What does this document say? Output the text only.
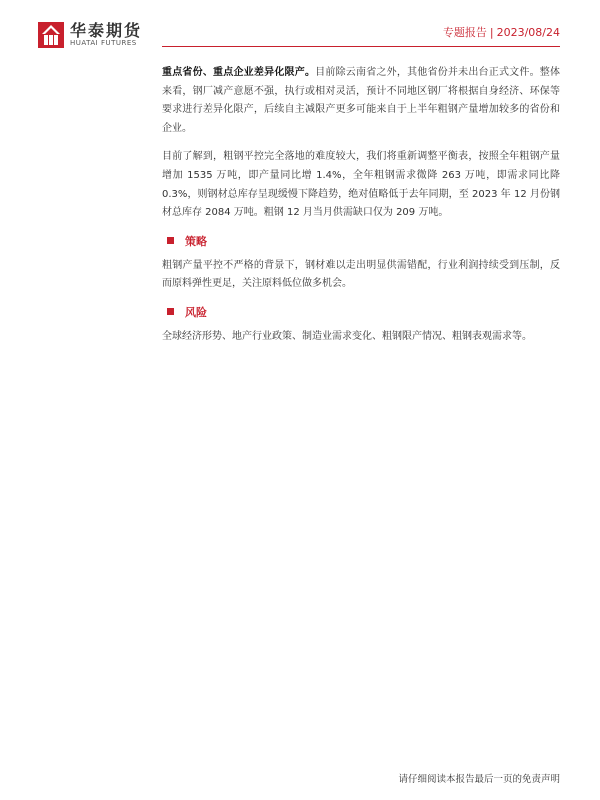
华泰期货
HUATAI FUTURES
专题报告 | 2023/08/24

重点省份、重点企业差异化限产。目前除云南省之外，其他省份并未出台正式文件。整体来看，钢厂减产意愿不强，执行或相对灵活，预计不同地区钢厂将根据自身经济、环保等要求进行差异化限产，后续自主减限产更多可能来自于上半年粗钢产量增加较多的省份和企业。

目前了解到，粗钢平控完全落地的难度较大，我们将重新调整平衡表，按照全年粗钢产量增加 1535 万吨，即产量同比增 1.4%，全年粗钢需求微降 263 万吨，即需求同比降 0.3%，则钢材总库存呈现缓慢下降趋势，绝对值略低于去年同期，至 2023 年 12 月份钢材总库存 2084 万吨。粗钢 12 月当月供需缺口仅为 209 万吨。

策略

粗钢产量平控不严格的背景下，钢材难以走出明显供需错配，行业利润持续受到压制，反而原料弹性更足，关注原料低位做多机会。

风险

全球经济形势、地产行业政策、制造业需求变化、粗钢限产情况、粗钢表观需求等。

请仔细阅读本报告最后一页的免责声明
